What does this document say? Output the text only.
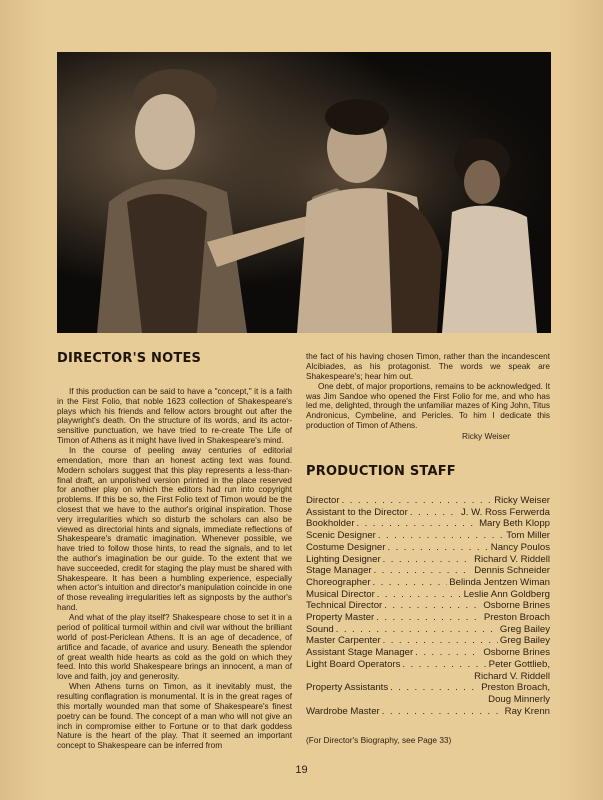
DIRECTOR'S NOTES

If this production can be said to have a "concept," it is a faith in the First Folio, that noble 1623 collection of Shakespeare's plays which his friends and fellow actors brought out after the playwright's death. On the structure of its words, and its actor-sensitive punctuation, we have tried to re-create The Life of Timon of Athens as it might have lived in Shakespeare's mind.

In the course of peeling away centuries of editorial emendation, more than an honest acting text was found. Modern scholars suggest that this play represents a less-than-final draft, an unpolished version printed in the place reserved for another play on which the editors had run into copyright problems. If this be so, the First Folio text of Timon would be the closest that we have to the author's original inspiration. Those very irregularities which so disturb the scholars can also be viewed as directorial hints and signals, immediate reflections of Shakespeare's dramatic imagination. Whenever possible, we have tried to follow those hints, to read the signals, and to let the author's imagination be our guide. To the extent that we have succeeded, credit for staging the play must be shared with Shakespeare. It has been a humbling experience, especially when actor's intuition and director's manipulation coincide in one of those revealing irregularities left as signposts by the author's hand.

And what of the play itself? Shakespeare chose to set it in a period of political turmoil within and civil war without the brilliant world of post-Periclean Athens. It is an age of decadence, of artifice and facade, of avarice and usury. Beneath the splendor of great wealth hide hearts as cold as the gold on which they feed. Into this world Shakespeare brings an innocent, a man of love and faith, joy and generosity.

When Athens turns on Timon, as it inevitably must, the resulting conflagration is monumental. It is in the great rages of this mortally wounded man that some of Shakespeare's finest poetry can be found. The concept of a man who will not give an inch in compromise either to Fortune or to that dark goddess Nature is the heart of the play. That it seemed an important concept to Shakespeare can be inferred from

the fact of his having chosen Timon, rather than the incandescent Alcibiades, as his protagonist. The words we speak are Shakespeare's; hear him out.

One debt, of major proportions, remains to be acknowledged. It was Jim Sandoe who opened the First Folio for me, and who has led me, delighted, through the unfamiliar mazes of King John, Titus Andronicus, Cymbeline, and Pericles. To him I dedicate this production of Timon of Athens.

Ricky Weiser
PRODUCTION STAFF
Director . . .	Ricky Weiser
Assistant to the Director . . .	J. W. Ross Ferwerda
Bookholder . . .	Mary Beth Klopp
Scenic Designer . . .	Tom Miller
Costume Designer . . .	Nancy Poulos
Lighting Designer . . .	Richard V. Riddell
Stage Manager . . .	Dennis Schneider
Choreographer . . .	Belinda Jentzen Wiman
Musical Director . . .	Leslie Ann Goldberg
Technical Director . . .	Osborne Brines
Property Master . . .	Preston Broach
Sound . . .	Greg Bailey
Master Carpenter . . .	Greg Bailey
Assistant Stage Manager . . .	Osborne Brines
Light Board Operators . . .	Peter Gottlieb,
Richard V. Riddell
Property Assistants . . .	Preston Broach,
Doug Minnerly
Wardrobe Master . . .	Ray Krenn
(For Director's Biography, see Page 33)
19
